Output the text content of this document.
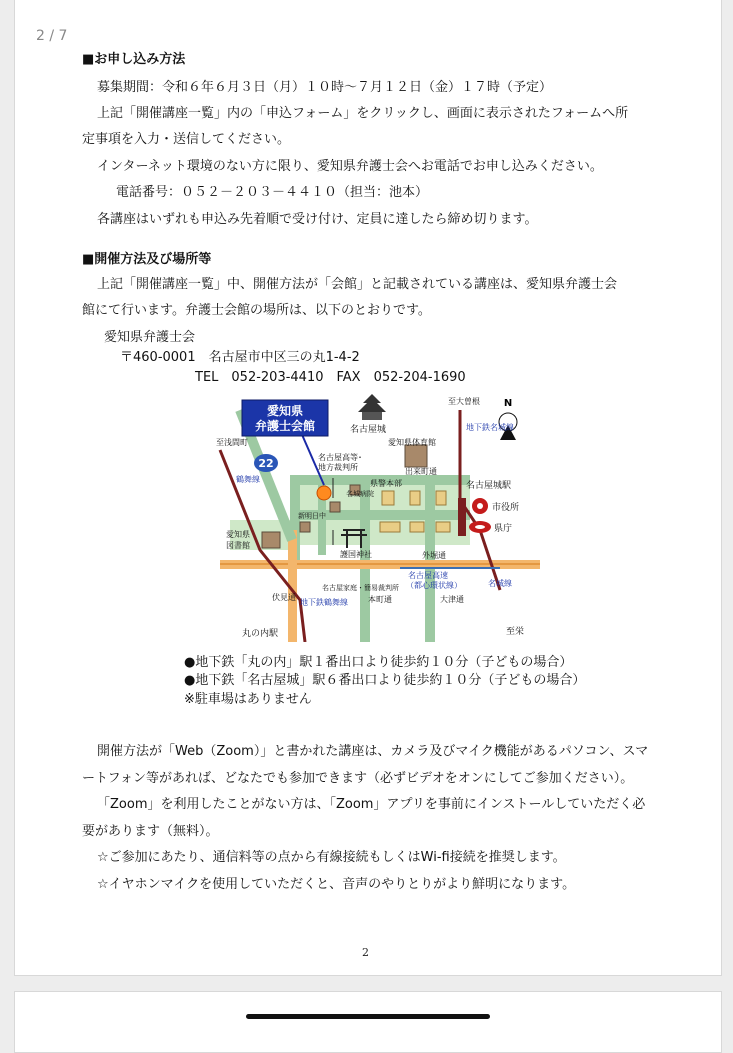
2 / 7
■お申し込み方法
募集期間：令和６年６月３日（月）１０時～７月１２日（金）１７時（予定）
上記「開催講座一覧」内の「申込フォーム」をクリックし、画面に表示されたフォームへ所
定事項を入力・送信してください。
インターネット環境のない方に限り、愛知県弁護士会へお電話でお申し込みください。
電話番号：０５２－２０３－４４１０（担当：池本）
各講座はいずれも申込み先着順で受け付け、定員に達したら締め切ります。
■開催方法及び場所等
上記「開催講座一覧」中、開催方法が「会館」と記載されている講座は、愛知県弁護士会
館にて行います。弁護士会館の場所は、以下のとおりです。
愛知県弁護士会
〒460-0001　名古屋市中区三の丸1-4-2
TEL　052-203-4410　FAX　052-204-1690
22
N
愛知県
弁護士会館	名古屋城
愛知県体育館
名古屋高等･
地方裁判所
県警本部
出来町通
名古屋城駅
市役所
県庁
愛知県
図書館
護国神社	外堀通
名古屋高速
（都心環状線）
丸の内駅	至栄
至浅間町
至大曽根
鶴舞線
地下鉄名城線
地下鉄鶴舞線
伏見通	本町通	大津通
名城線
名古屋家庭・簡易裁判所
名城病院
新明日中
●地下鉄「丸の内」駅１番出口より徒歩約１０分（子どもの場合）
●地下鉄「名古屋城」駅６番出口より徒歩約１０分（子どもの場合）
※駐車場はありません
開催方法が「Web（Zoom）」と書かれた講座は、カメラ及びマイク機能があるパソコン、スマ
ートフォン等があれば、どなたでも参加できます（必ずビデオをオンにしてご参加ください）。
「Zoom」を利用したことがない方は、「Zoom」アプリを事前にインストールしていただく必
要があります（無料）。
☆ご参加にあたり、通信料等の点から有線接続もしくはWi-fi接続を推奨します。
☆イヤホンマイクを使用していただくと、音声のやりとりがより鮮明になります。
2
